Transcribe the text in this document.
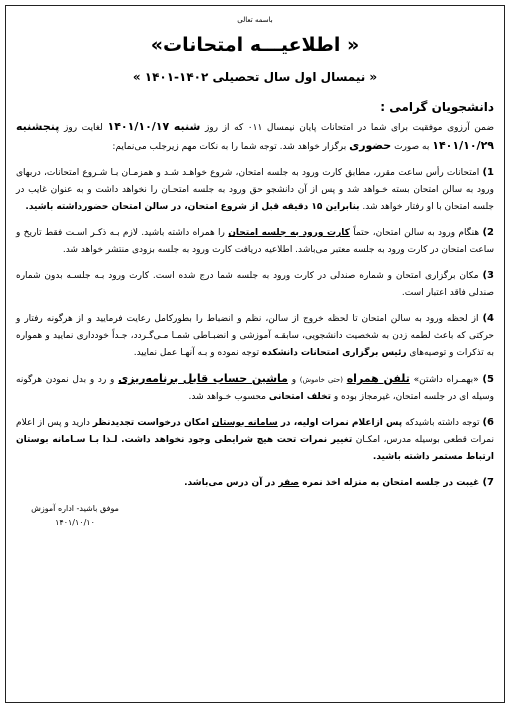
باسمه تعالی
« اطلاعیـــه امتحانات»
« نیمسال اول سال تحصیلی ۱۴۰۲-۱۴۰۱ »
دانشجویان گرامی :
ضمن آرزوی موفقیت برای شما در امتحانات پایان نیمسال ۰۱۱ که از روز شنبه ۱۴۰۱/۱۰/۱۷ لغایت روز پنجشنبه ۱۴۰۱/۱۰/۲۹ به صورت حضوری برگزار خواهد شد. توجه شما را به نکات مهم زیرجلب می‌نمایم:
1) امتحانات رأس ساعت مقرر، مطابق کارت ورود به جلسه امتحان، شروع خواهـد شـد و همزمـان بـا شـروع امتحانات، دربهای ورود به سالن امتحان بسته خـواهد شد و پس از آن دانشجو حق ورود به جلسه امتحـان را نخواهد داشت و به عنوان غایب در جلسه امتحان با او رفتار خواهد شد. بنابراین ۱۵ دقیقه قبل از شروع امتحان، در سالن امتحان حضورداشته باشید.
2) هنگام ورود به سالن امتحان، حتماً کارت ورود به جلسه امتحان را همراه داشته باشید. لازم بـه ذکـر اسـت فقط تاریخ و ساعت امتحان در کارت ورود به جلسه معتبر می‌باشد. اطلاعیه دریافت کارت ورود به جلسه بزودی منتشر خواهد شد.
3) مکان برگزاری امتحان و شماره صندلی در کارت ورود به جلسه شما درج شده است. کارت ورود بـه جلسـه بدون شماره صندلی فاقد اعتبار است.
4) از لحظه ورود به سالن امتحان تا لحظه خروج از سالن، نظم و انضباط را بطورکامل رعایت فرمایید و از هرگونه رفتار و حرکتی که باعث لطمه زدن به شخصیت دانشجویی، سابقـه آموزشی و انضبـاطی شمـا مـی‌گـردد، جـداً خودداری نمایید و همواره به تذکرات و توصیه‌های رئیس برگزاری امتحانات دانشکده توجه نموده و بـه آنهـا عمل نمایید.
5) «بهمـراه داشتن» تلفن همراه (حتی خاموش) و ماشین حساب قابل برنامه‌ریزی و رد و بدل نمودن هرگونه وسیله ای در جلسه امتحان، غیرمجاز بوده و تخلف امتحانی محسوب خـواهد شد.
6) توجه داشته باشیدکه پس ازاعلام نمرات اولیه، در سامانه بوستان امکان درخواست تجدیدنظر دارید و پس از اعلام نمرات قطعی بوسیله مدرس، امکـان تغییر نمرات تحت هیچ شرایطی وجود نخواهد داشت. لـذا بـا سـامانه بوستان ارتباط مستمر داشته باشید.
7) غیبت در جلسه امتحان به منزله اخذ نمره صفر در آن درس می‌باشد.
موفق باشید- اداره آموزش
۱۴۰۱/۱۰/۱۰
